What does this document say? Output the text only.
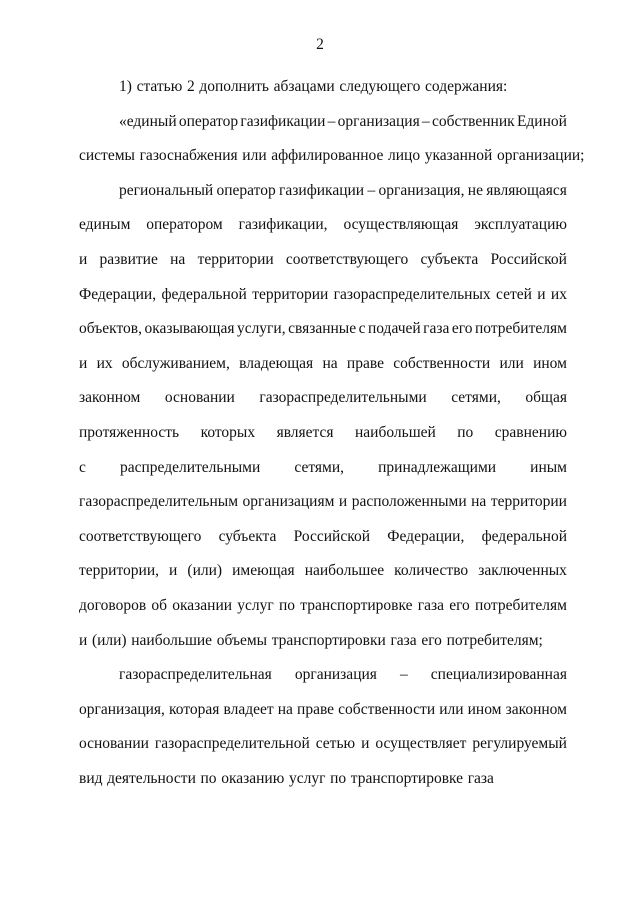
2
1) статью 2 дополнить абзацами следующего содержания:
«единый оператор газификации – организация – собственник Единой
системы газоснабжения или аффилированное лицо указанной организации;
региональный оператор газификации – организация, не являющаяся
единым оператором газификации, осуществляющая эксплуатацию
и развитие на территории соответствующего субъекта Российской
Федерации, федеральной территории газораспределительных сетей и их
объектов, оказывающая услуги, связанные с подачей газа его потребителям
и их обслуживанием, владеющая на праве собственности или ином
законном основании газораспределительными сетями, общая
протяженность которых является наибольшей по сравнению
с распределительными сетями, принадлежащими иным
газораспределительным организациям и расположенными на территории
соответствующего субъекта Российской Федерации, федеральной
территории, и (или) имеющая наибольшее количество заключенных
договоров об оказании услуг по транспортировке газа его потребителям
и (или) наибольшие объемы транспортировки газа его потребителям;
газораспределительная организация – специализированная
организация, которая владеет на праве собственности или ином законном
основании газораспределительной сетью и осуществляет регулируемый
вид деятельности по оказанию услуг по транспортировке газа
